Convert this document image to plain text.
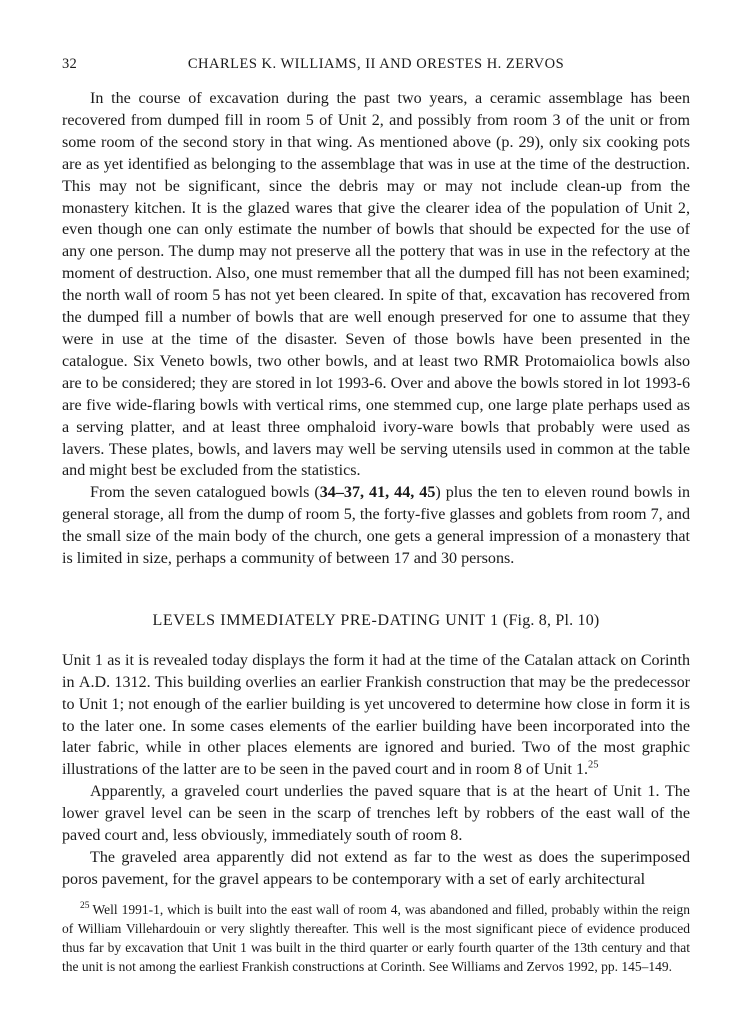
32	CHARLES K. WILLIAMS, II AND ORESTES H. ZERVOS

In the course of excavation during the past two years, a ceramic assemblage has been recovered from dumped fill in room 5 of Unit 2, and possibly from room 3 of the unit or from some room of the second story in that wing. As mentioned above (p. 29), only six cooking pots are as yet identified as belonging to the assemblage that was in use at the time of the destruction. This may not be significant, since the debris may or may not include clean-up from the monastery kitchen. It is the glazed wares that give the clearer idea of the population of Unit 2, even though one can only estimate the number of bowls that should be expected for the use of any one person. The dump may not preserve all the pottery that was in use in the refectory at the moment of destruction. Also, one must remember that all the dumped fill has not been examined; the north wall of room 5 has not yet been cleared. In spite of that, excavation has recovered from the dumped fill a number of bowls that are well enough preserved for one to assume that they were in use at the time of the disaster. Seven of those bowls have been presented in the catalogue. Six Veneto bowls, two other bowls, and at least two RMR Protomaiolica bowls also are to be considered; they are stored in lot 1993-6. Over and above the bowls stored in lot 1993-6 are five wide-flaring bowls with vertical rims, one stemmed cup, one large plate perhaps used as a serving platter, and at least three omphaloid ivory-ware bowls that probably were used as lavers. These plates, bowls, and lavers may well be serving utensils used in common at the table and might best be excluded from the statistics.

From the seven catalogued bowls (34–37, 41, 44, 45) plus the ten to eleven round bowls in general storage, all from the dump of room 5, the forty-five glasses and goblets from room 7, and the small size of the main body of the church, one gets a general impression of a monastery that is limited in size, perhaps a community of between 17 and 30 persons.

LEVELS IMMEDIATELY PRE-DATING UNIT 1 (Fig. 8, Pl. 10)

Unit 1 as it is revealed today displays the form it had at the time of the Catalan attack on Corinth in A.D. 1312. This building overlies an earlier Frankish construction that may be the predecessor to Unit 1; not enough of the earlier building is yet uncovered to determine how close in form it is to the later one. In some cases elements of the earlier building have been incorporated into the later fabric, while in other places elements are ignored and buried. Two of the most graphic illustrations of the latter are to be seen in the paved court and in room 8 of Unit 1.25

Apparently, a graveled court underlies the paved square that is at the heart of Unit 1. The lower gravel level can be seen in the scarp of trenches left by robbers of the east wall of the paved court and, less obviously, immediately south of room 8.

The graveled area apparently did not extend as far to the west as does the superimposed poros pavement, for the gravel appears to be contemporary with a set of early architectural

$^{25}$ Well 1991-1, which is built into the east wall of room 4, was abandoned and filled, probably within the reign of William Villehardouin or very slightly thereafter. This well is the most significant piece of evidence produced thus far by excavation that Unit 1 was built in the third quarter or early fourth quarter of the 13th century and that the unit is not among the earliest Frankish constructions at Corinth. See Williams and Zervos 1992, pp. 145–149.
